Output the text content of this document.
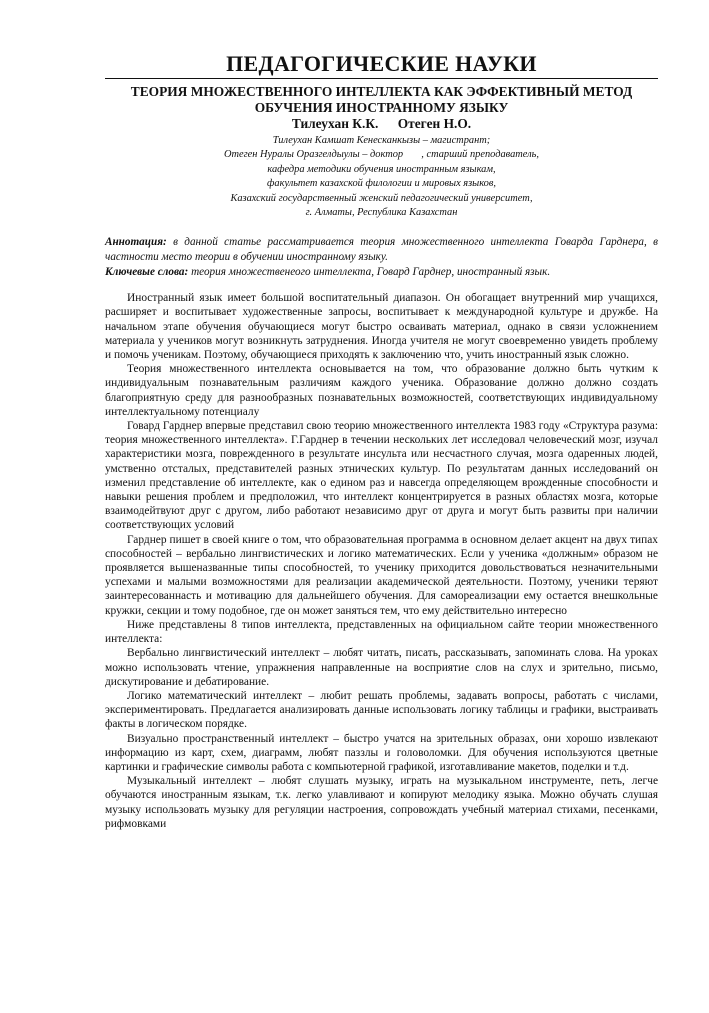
ПЕДАГОГИЧЕСКИЕ НАУКИ
ТЕОРИЯ МНОЖЕСТВЕННОГО ИНТЕЛЛЕКТА КАК ЭФФЕКТИВНЫЙ МЕТОД ОБУЧЕНИЯ ИНОСТРАННОМУ ЯЗЫКУ
Тилеухан К.К. Отеген Н.О.
Тилеухан Камшат Кенесканкызы – магистрант;
Отеген Нуралы Оразгелдыулы – доктор       , старший преподаватель,
кафедра методики обучения иностранным языкам,
факультет казахской филологии и мировых языков,
Казахский государственный женский педагогический университет,
г. Алматы, Республика Казахстан
Аннотация: в данной статье рассматривается теория множественного интеллекта Говарда Гарднера, в частности место теории в обучении иностранному языку.
Ключевые слова: теория множественеого интеллекта, Говард Гарднер, иностранный язык.

Иностранный язык имеет большой воспитательный диапазон. Он обогащает внутренний мир учащихся, расширяет и воспитывает художественные запросы, воспитывает к международной культуре и дружбе. На начальном этапе обучения обучающиеся могут быстро осваивать материал, однако в связи усложнением материала у учеников могут возникнуть затруднения. Иногда учителя не могут своевременно увидеть проблему и помочь ученикам. Поэтому, обучающиеся приходять к заключению что, учить иностранный язык сложно.

Теория множественного интеллекта основывается на том, что образование должно быть чутким к индивидуальным познавательным различиям каждого ученика. Образование должно должно создать благоприятную среду для разнообразных познавательных возможностей, соответствующих индивидуальному интеллектуальному потенциалу

Говард Гарднер впервые представил свою теорию множественного интеллекта 1983 году «Структура разума: теория множественного интеллекта». Г.Гарднер в течении нескольких лет исследовал человеческий мозг, изучал характеристики мозга, поврежденного в результате инсульта или несчастного случая, мозга одаренных людей, умственно отсталых, представителей разных этнических культур. По результатам данных исследований он изменил представление об интеллекте, как о едином раз и навсегда определяющем врожденные способности и навыки решения проблем и предположил, что интеллект концентрируется в разных областях мозга, которые взаимодейтвуют друг с другом, либо работают независимо друг от друга и могут быть развиты при наличии соответствующих условий

Гарднер пишет в своей книге о том, что образовательная программа в основном делает акцент на двух типах способностей – вербально лингвистических и логико математических. Если у ученика «должным» образом не проявляется вышеназванные типы способностей, то ученику приходится довольствоваться незначительными успехами и малыми возможностями для реализации академической деятельности. Поэтому, ученики теряют заинтересованнасть и мотивацию для дальнейшего обучения. Для самореализации ему остается внешкольные кружки, секции и тому подобное, где он может заняться тем, что ему действительно интересно

Ниже представлены 8 типов интеллекта, представленных на официальном сайте теории множественного интеллекта:

Вербально лингвистический интеллект – любят читать, писать, рассказывать, запоминать слова. На уроках можно использовать чтение, упражнения направленные на восприятие слов на слух и зрительно, письмо, дискутирование и дебатирование.

Логико математический интеллект – любит решать проблемы, задавать вопросы, работать с числами, экспериментировать. Предлагается анализировать данные использовать логику таблицы и графики, выстраивать факты в логическом порядке.

Визуально пространственный интеллект – быстро учатся на зрительных образах, они хорошо извлекают информацию из карт, схем, диаграмм, любят паззлы и головоломки. Для обучения используются цветные картинки и графические символы работа с компьютерной графикой, изготавливание макетов, поделки и т.д.

Музыкальный интеллект – любят слушать музыку, играть на музыкальном инструменте, петь, легче обучаются иностранным языкам, т.к. легко улавливают и копируют мелодику языка. Можно обучать слушая музыку использовать музыку для регуляции настроения, сопровождать учебный материал стихами, песенками, рифмовками
